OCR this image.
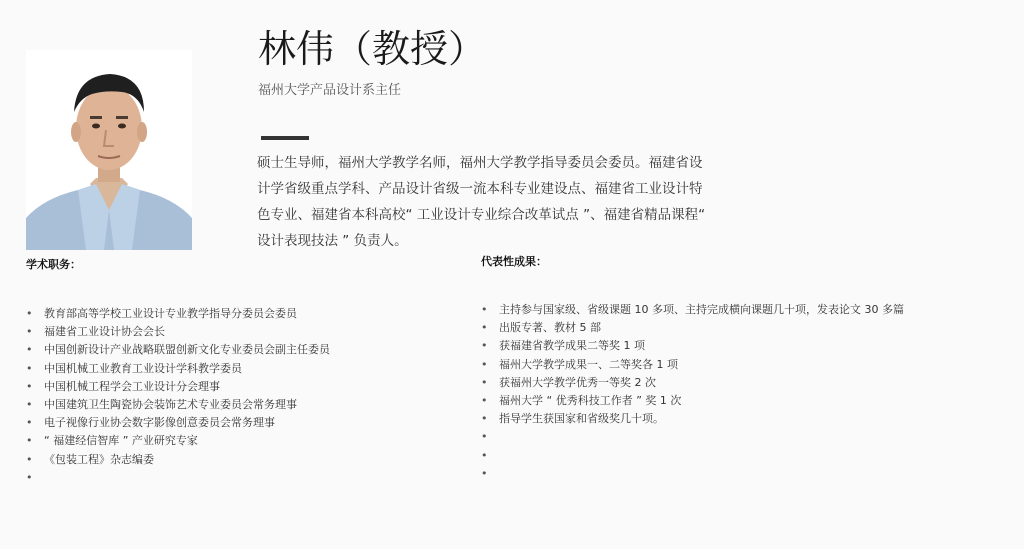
林伟（教授）
福州大学产品设计系主任

硕士生导师，福州大学教学名师，福州大学教学指导委员会委员。福建省设计学省级重点学科、产品设计省级一流本科专业建设点、福建省工业设计特色专业、福建省本科高校“ 工业设计专业综合改革试点 ”、福建省精品课程“ 设计表现技法 ” 负责人。

学术职务：
• 教育部高等学校工业设计专业教学指导分委员会委员
• 福建省工业设计协会会长
• 中国创新设计产业战略联盟创新文化专业委员会副主任委员
• 中国机械工业教育工业设计学科教学委员
• 中国机械工程学会工业设计分会理事
• 中国建筑卫生陶瓷协会装饰艺术专业委员会常务理事
• 电子视像行业协会数字影像创意委员会常务理事
• “ 福建经信智库 ” 产业研究专家
• 《包装工程》杂志编委
•
代表性成果：
• 主持参与国家级、省级课题 10 多项、主持完成横向课题几十项，发表论文 30 多篇
• 出版专著、教材 5 部
• 获福建省教学成果二等奖 1 项
• 福州大学教学成果一、二等奖各 1 项
• 获福州大学教学优秀一等奖 2 次
• 福州大学 “ 优秀科技工作者 ” 奖 1 次
• 指导学生获国家和省级奖几十项。
•
•
•
